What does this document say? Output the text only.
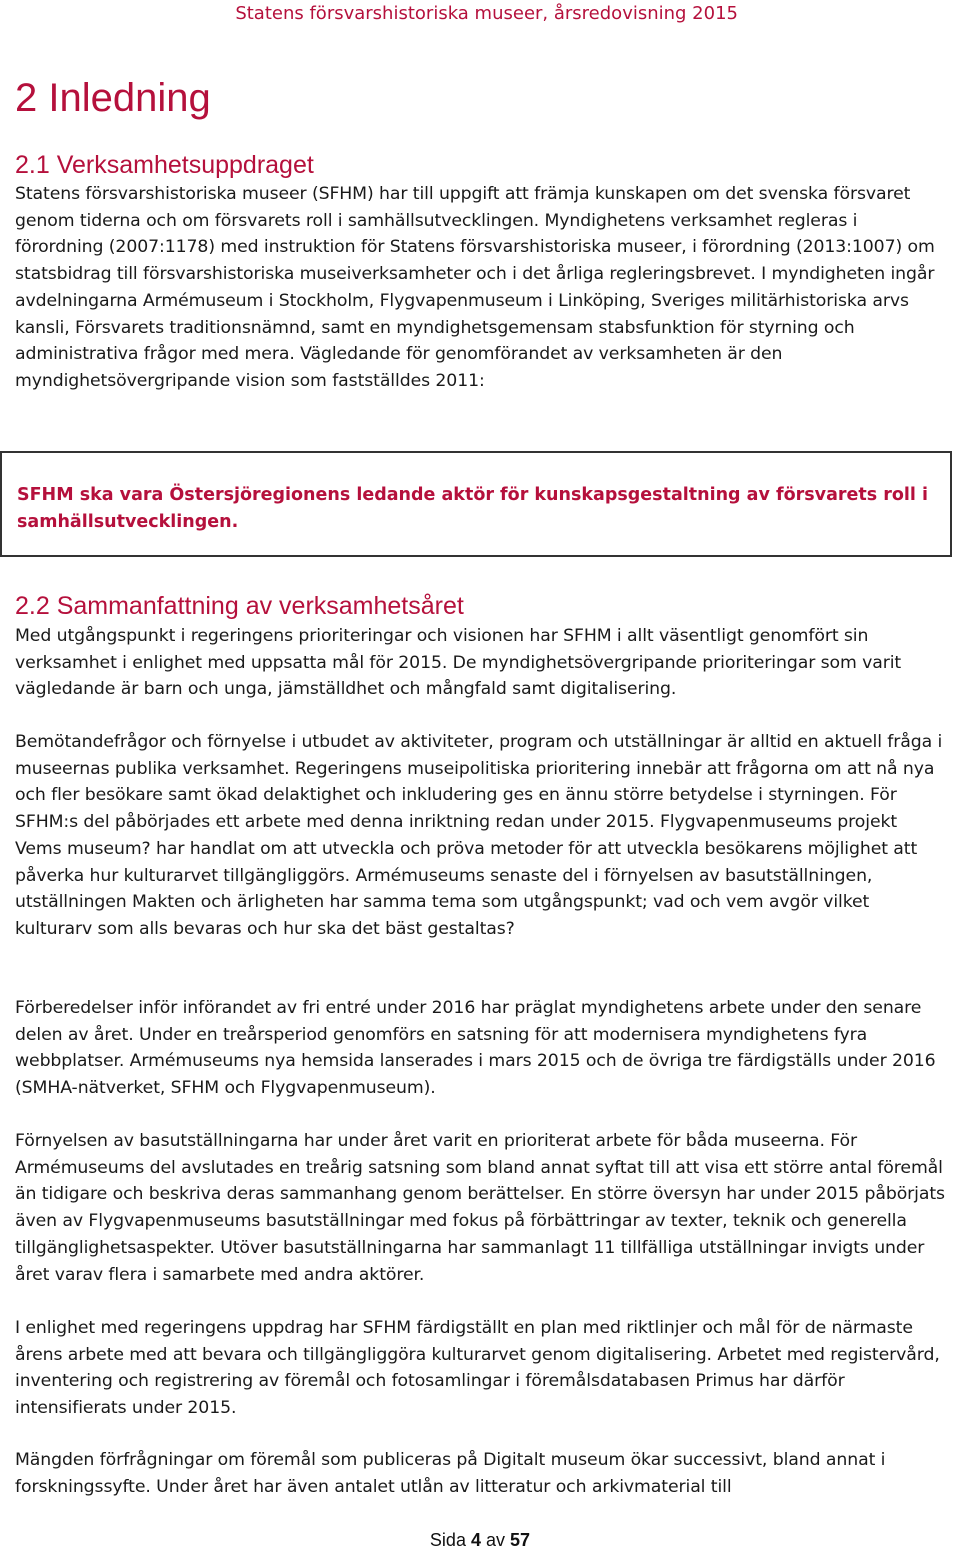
Statens försvarshistoriska museer, årsredovisning 2015
2 Inledning
2.1 Verksamhetsuppdraget

Statens försvarshistoriska museer (SFHM) har till uppgift att främja kunskapen om det svenska försvaret genom tiderna och om försvarets roll i samhällsutvecklingen. Myndighetens verksamhet regleras i förordning (2007:1178) med instruktion för Statens försvarshistoriska museer, i förordning (2013:1007) om statsbidrag till försvarshistoriska museiverksamheter och i det årliga regleringsbrevet. I myndigheten ingår avdelningarna Armémuseum i Stockholm, Flygvapenmuseum i Linköping, Sveriges militärhistoriska arvs kansli, Försvarets traditionsnämnd, samt en myndighetsgemensam stabsfunktion för styrning och administrativa frågor med mera. Vägledande för genomförandet av verksamheten är den myndighetsövergripande vision som fastställdes 2011:

SFHM ska vara Östersjöregionens ledande aktör för kunskapsgestaltning av försvarets roll i samhällsutvecklingen.

2.2 Sammanfattning av verksamhetsåret

Med utgångspunkt i regeringens prioriteringar och visionen har SFHM i allt väsentligt genomfört sin verksamhet i enlighet med uppsatta mål för 2015. De myndighetsövergripande prioriteringar som varit vägledande är barn och unga, jämställdhet och mångfald samt digitalisering.

Bemötandefrågor och förnyelse i utbudet av aktiviteter, program och utställningar är alltid en aktuell fråga i museernas publika verksamhet. Regeringens museipolitiska prioritering innebär att frågorna om att nå nya och fler besökare samt ökad delaktighet och inkludering ges en ännu större betydelse i styrningen. För SFHM:s del påbörjades ett arbete med denna inriktning redan under 2015. Flygvapenmuseums projekt Vems museum? har handlat om att utveckla och pröva metoder för att utveckla besökarens möjlighet att påverka hur kulturarvet tillgängliggörs. Armémuseums senaste del i förnyelsen av basutställningen, utställningen Makten och ärligheten har samma tema som utgångspunkt; vad och vem avgör vilket kulturarv som alls bevaras och hur ska det bäst gestaltas?

Förberedelser inför införandet av fri entré under 2016 har präglat myndighetens arbete under den senare delen av året. Under en treårsperiod genomförs en satsning för att modernisera myndighetens fyra webbplatser. Armémuseums nya hemsida lanserades i mars 2015 och de övriga tre färdigställs under 2016 (SMHA-nätverket, SFHM och Flygvapenmuseum).

Förnyelsen av basutställningarna har under året varit en prioriterat arbete för båda museerna. För Armémuseums del avslutades en treårig satsning som bland annat syftat till att visa ett större antal föremål än tidigare och beskriva deras sammanhang genom berättelser. En större översyn har under 2015 påbörjats även av Flygvapenmuseums basutställningar med fokus på förbättringar av texter, teknik och generella tillgänglighetsaspekter. Utöver basutställningarna har sammanlagt 11 tillfälliga utställningar invigts under året varav flera i samarbete med andra aktörer.

I enlighet med regeringens uppdrag har SFHM färdigställt en plan med riktlinjer och mål för de närmaste årens arbete med att bevara och tillgängliggöra kulturarvet genom digitalisering. Arbetet med registervård, inventering och registrering av föremål och fotosamlingar i föremålsdatabasen Primus har därför intensifierats under 2015.

Mängden förfrågningar om föremål som publiceras på Digitalt museum ökar successivt, bland annat i forskningssyfte. Under året har även antalet utlån av litteratur och arkivmaterial till

Sida 4 av 57
